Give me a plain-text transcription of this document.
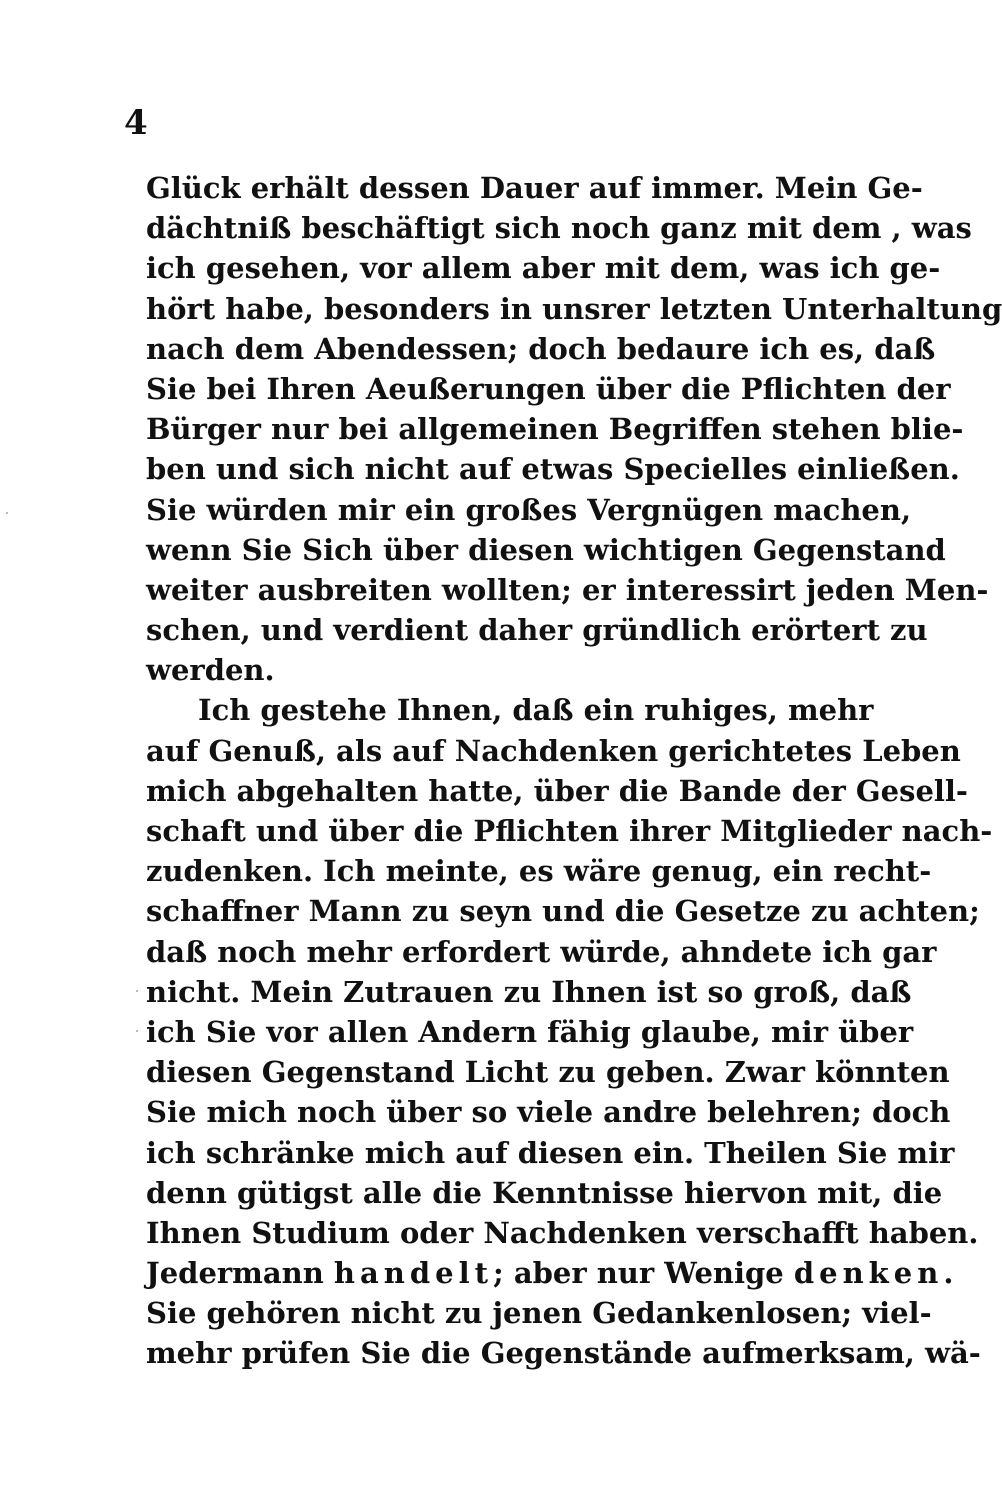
4
Glück erhält dessen Dauer auf immer. Mein Ge-
dächtniß beschäftigt sich noch ganz mit dem , was
ich gesehen, vor allem aber mit dem, was ich ge-
hört habe, besonders in unsrer letzten Unterhaltung
nach dem Abendessen; doch bedaure ich es, daß
Sie bei Ihren Aeußerungen über die Pflichten der
Bürger nur bei allgemeinen Begriffen stehen blie-
ben und sich nicht auf etwas Specielles einließen.
Sie würden mir ein großes Vergnügen machen,
wenn Sie Sich über diesen wichtigen Gegenstand
weiter ausbreiten wollten; er interessirt jeden Men-
schen, und verdient daher gründlich erörtert zu
werden.
Ich gestehe Ihnen, daß ein ruhiges, mehr
auf Genuß, als auf Nachdenken gerichtetes Leben
mich abgehalten hatte, über die Bande der Gesell-
schaft und über die Pflichten ihrer Mitglieder nach-
zudenken. Ich meinte, es wäre genug, ein recht-
schaffner Mann zu seyn und die Gesetze zu achten;
daß noch mehr erfordert würde, ahndete ich gar
nicht. Mein Zutrauen zu Ihnen ist so groß, daß
ich Sie vor allen Andern fähig glaube, mir über
diesen Gegenstand Licht zu geben. Zwar könnten
Sie mich noch über so viele andre belehren; doch
ich schränke mich auf diesen ein. Theilen Sie mir
denn gütigst alle die Kenntnisse hiervon mit, die
Ihnen Studium oder Nachdenken verschafft haben.
Jedermann handelt; aber nur Wenige denken.
Sie gehören nicht zu jenen Gedankenlosen; viel-
mehr prüfen Sie die Gegenstände aufmerksam, wä-
